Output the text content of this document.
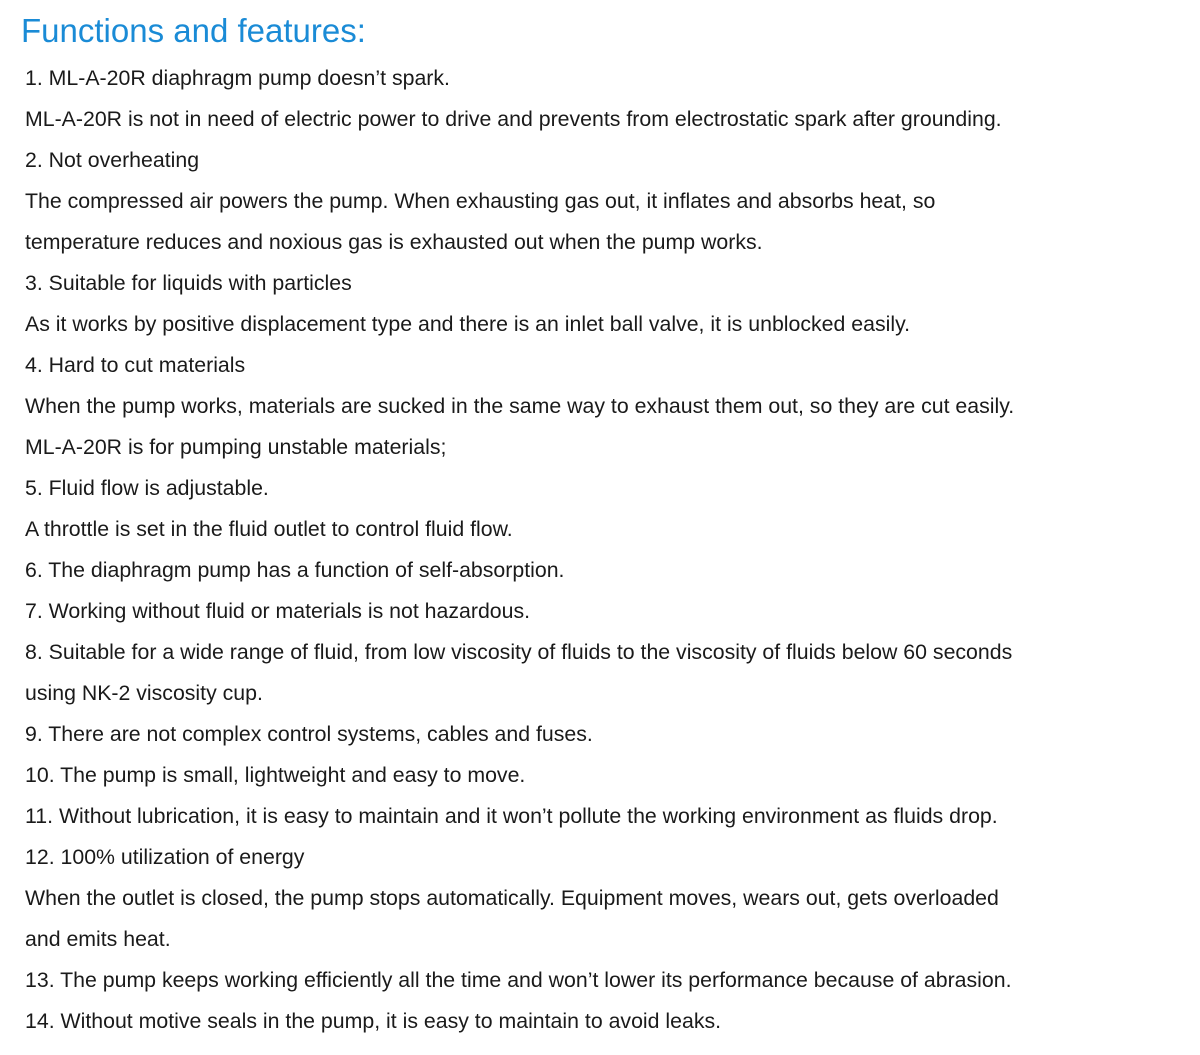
Functions and features:
1. ML-A-20R diaphragm pump doesn’t spark.
ML-A-20R is not in need of electric power to drive and prevents from electrostatic spark after grounding.
2. Not overheating
The compressed air powers the pump. When exhausting gas out, it inflates and absorbs heat, so
temperature reduces and noxious gas is exhausted out when the pump works.
3. Suitable for liquids with particles
As it works by positive displacement type and there is an inlet ball valve, it is unblocked easily.
4. Hard to cut materials
When the pump works, materials are sucked in the same way to exhaust them out, so they are cut easily.
ML-A-20R is for pumping unstable materials;
5. Fluid flow is adjustable.
A throttle is set in the fluid outlet to control fluid flow.
6. The diaphragm pump has a function of self-absorption.
7. Working without fluid or materials is not hazardous.
8. Suitable for a wide range of fluid, from low viscosity of fluids to the viscosity of fluids below 60 seconds
using NK-2 viscosity cup.
9. There are not complex control systems, cables and fuses.
10. The pump is small, lightweight and easy to move.
11. Without lubrication, it is easy to maintain and it won’t pollute the working environment as fluids drop.
12. 100% utilization of energy
When the outlet is closed, the pump stops automatically. Equipment moves, wears out, gets overloaded
and emits heat.
13. The pump keeps working efficiently all the time and won’t lower its performance because of abrasion.
14. Without motive seals in the pump, it is easy to maintain to avoid leaks.
